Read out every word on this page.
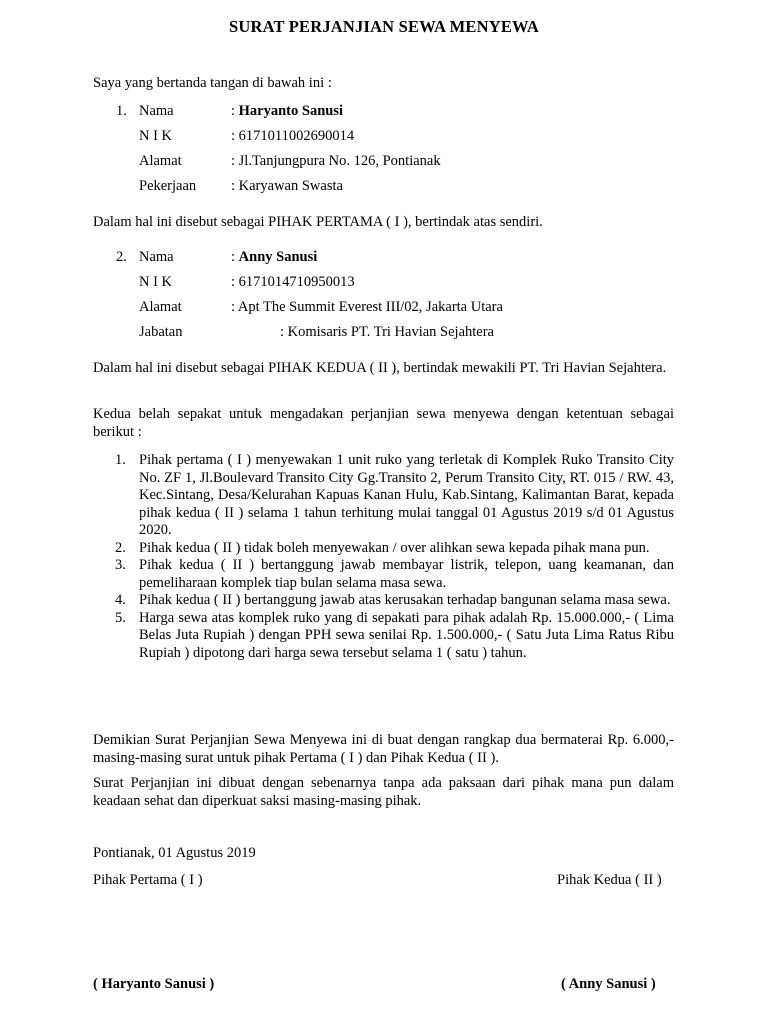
SURAT PERJANJIAN SEWA MENYEWA
Saya yang bertanda tangan di bawah ini :
1. Nama	: Haryanto Sanusi
N I K	: 6171011002690014
Alamat	: Jl.Tanjungpura No. 126, Pontianak
Pekerjaan : Karyawan Swasta
Dalam hal ini disebut sebagai PIHAK PERTAMA ( I ), bertindak atas sendiri.
2. Nama	: Anny Sanusi
N I K	: 6171014710950013
Alamat	: Apt The Summit Everest III/02, Jakarta Utara
Jabatan	: Komisaris PT. Tri Havian Sejahtera
Dalam hal ini disebut sebagai PIHAK KEDUA ( II ), bertindak mewakili PT. Tri Havian Sejahtera.
Kedua belah sepakat untuk mengadakan perjanjian sewa menyewa dengan ketentuan sebagai berikut :
1. Pihak pertama ( I ) menyewakan 1 unit ruko yang terletak di Komplek Ruko Transito City No. ZF 1, Jl.Boulevard Transito City Gg.Transito 2, Perum Transito City, RT. 015 / RW. 43, Kec.Sintang, Desa/Kelurahan Kapuas Kanan Hulu, Kab.Sintang, Kalimantan Barat, kepada pihak kedua ( II ) selama 1 tahun terhitung mulai tanggal 01 Agustus 2019 s/d 01 Agustus 2020.
2. Pihak kedua ( II ) tidak boleh menyewakan / over alihkan sewa kepada pihak mana pun.
3. Pihak kedua ( II ) bertanggung jawab membayar listrik, telepon, uang keamanan, dan pemeliharaan komplek tiap bulan selama masa sewa.
4. Pihak kedua ( II ) bertanggung jawab atas kerusakan terhadap bangunan selama masa sewa.
5. Harga sewa atas komplek ruko yang di sepakati para pihak adalah Rp. 15.000.000,- ( Lima Belas Juta Rupiah ) dengan PPH sewa senilai Rp. 1.500.000,- ( Satu Juta Lima Ratus Ribu Rupiah ) dipotong dari harga sewa tersebut selama 1 ( satu ) tahun.
Demikian Surat Perjanjian Sewa Menyewa ini di buat dengan rangkap dua bermaterai Rp. 6.000,- masing-masing surat untuk pihak Pertama ( I ) dan Pihak Kedua ( II ).
Surat Perjanjian ini dibuat dengan sebenarnya tanpa ada paksaan dari pihak mana pun dalam keadaan sehat dan diperkuat saksi masing-masing pihak.
Pontianak, 01 Agustus 2019
Pihak Pertama ( I )	Pihak Kedua ( II )
( Haryanto Sanusi )	( Anny Sanusi )
